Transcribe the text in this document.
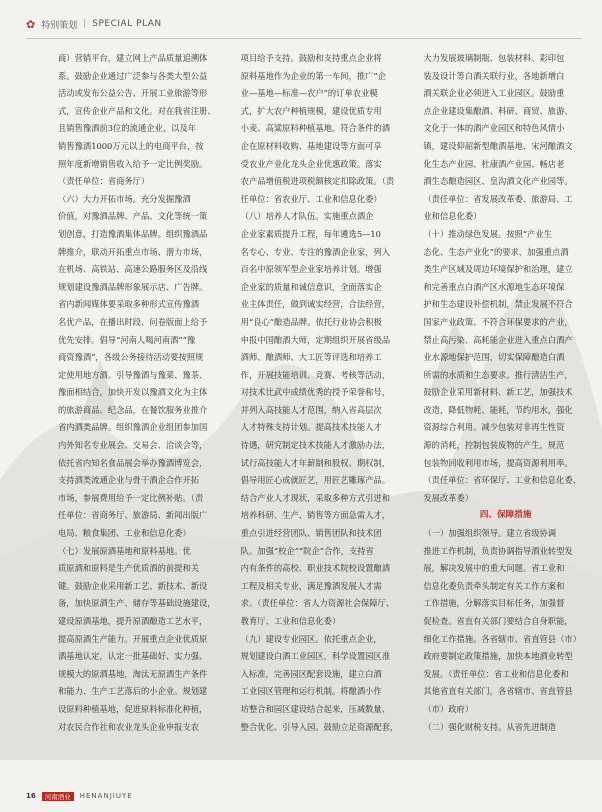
✿ 特别策划 | SPECIAL PLAN

商）营销平台，建立网上产品质量追溯体
系。鼓励企业通过广泛参与各类大型公益
活动或发布公益公告、开展工业旅游等形
式，宣传企业产品和文化。对在我省注册、
且销售豫酒前3位的流通企业，以及年
销售豫酒1000万元以上的电商平台，按
照年度新增销售收入给予一定比例奖励。
（责任单位：省商务厅）

（六）大力开拓市场。充分发掘豫酒
价值，对豫酒品牌、产品、文化等统一策
划创意，打造豫酒集体品牌。组织豫酒品
牌推介，联动开拓重点市场、潜力市场，
在机场、高铁站、高速公路服务区及沿线
规划建设豫酒品牌形象展示店、广告牌。
省内新闻媒体要采取多种形式宣传豫酒
名优产品，在播出时段、问卷版面上给予
优先安排。倡导“河南人喝河南酒”“豫
商资豫酒”，各级公务接待活动要按照规
定使用地方酒。引导豫酒与豫菜、豫茶、
豫面相结合，加快开发以豫酒文化为主体
的旅游商品、纪念品，在餐饮服务业推介
省内酒类品牌。组织豫酒企业组团参加国
内外知名专业展会、交易会、洽谈会等，
依托省内知名食品展会举办豫酒博览会，
支持酒类流通企业与骨干酒企合作开拓
市场，参展费用给予一定比例补贴。（责
任单位：省商务厅、旅游局、新闻出版广
电局、粮食集团、工业和信息化委）

（七）发展原酒基地和原料基地。优
质原酒和原料是生产优质酒的前提和关
键。鼓励企业采用新工艺、新技术、新设
备，加快原酒生产、储存等基础设施建设，
建设原酒基地，提升原酒酿造工艺水平，
提高原酒生产能力。开展重点企业优质原
酒基地认定，认定一批基础好、实力强、
规模大的原酒基地，淘汰无原酒生产条件
和能力、生产工艺落后的小企业。规划建
设原料种植基地，促进原料标准化种植，
对农民合作社和农业龙头企业申报支农

项目给予支持。鼓励和支持重点企业将
原料基地作为企业的第一车间，推广“企
业—基地—标准—农户”的订单农业模
式，扩大农户种植规模，建设优质专用
小麦、高粱原料种植基地。符合条件的酒
企在原材料收购、基地建设等方面可享
受农业产业化龙头企业优惠政策。落实
农产品增值税进项税额核定扣除政策。（责
任单位：省农业厅、工业和信息化委）

（八）培养人才队伍。实施重点酒企
企业家素质提升工程，每年遴选5—10
名专心、专业、专注的豫酒企业家，列入
百名中原领军型企业家培养计划。增强
企业家的质量和诚信意识，全面落实企
业主体责任，做到诚实经营，合法经营，
用“良心”酿造品牌。依托行业协会积极
申报中国酿酒大师，定期组织开展省级品
酒师、酿酒师、大工匠等评选和培养工
作，开展技能培训、竞赛、考核等活动，
对技术比武中成绩优秀的授予荣誉称号，
并列入高技能人才范围，纳入省高层次
人才特殊支持计划。提高技术技能人才
待遇，研究制定技术技能人才激励办法，
试行高技能人才年薪制和股权、期权制，
倡导用匠心成就匠艺，用匠艺雕琢产品。
结合产业人才现状，采取多种方式引进和
培养科研、生产、销售等方面急需人才，
重点引进经营团队、销售团队和技术团
队。加强“校企”“院企”合作，支持省
内有条件的高校、职业技术院校设置酿酒
工程及相关专业，满足豫酒发展人才需
求。（责任单位：省人力资源社会保障厅、
教育厅、工业和信息化委）

（九）建设专业园区。依托重点企业，
规划建设白酒工业园区，科学设置园区准
入标准，完善园区配套设施，建立白酒
工业园区管理和运行机制。将酿酒小作
坊整合和园区建设结合起来，压减数量、
整合优化、引导入园。鼓励立足资源配套，

大力发展玻璃制瓶、包装材料、彩印包
装及设计等白酒关联行业，各地新增白
酒关联企业必须进入工业园区。鼓励重
点企业建设集酿酒、科研、商贸、旅游、
文化于一体的酒产业园区和特色风情小
镇，建设仰韶新型酿酒基地、宋河酿酒文
化生态产业园、杜康酒产业园、畅店老
酒生态酿造园区、皇沟酒文化产业园等。
（责任单位：省发展改革委、旅游局、工
业和信息化委）

（十）推动绿色发展。按照“产业生
态化、生态产业化”的要求，加强重点酒
类生产区域及周边环境保护和治理，建立
和完善重点白酒产区水源地生态环境保
护和生态建设补偿机制，禁止发展不符合
国家产业政策、不符合环保要求的产业，
禁止高污染、高耗能企业进入重点白酒产
业水源地保护范围，切实保障酿造白酒
所需的水质和生态要求。推行清洁生产，
鼓励企业采用新材料、新工艺，加强技术
改造，降低物耗、能耗，节约用水，强化
资源综合利用。减少包装对非再生性资
源的消耗，控制包装废物的产生，规范
包装物回收利用市场，提高资源利用率。
（责任单位：省环保厅、工业和信息化委、
发展改革委）

四、保障措施

（一）加强组织领导。建立省级协调
推进工作机制，负责协调指导酒业转型发
展，解决发展中的重大问题。省工业和
信息化委负责牵头制定有关工作方案和
工作措施，分解落实目标任务，加强督
促检查。省直有关部门要结合自身职能，
细化工作措施。各省辖市、省直管县（市）
政府要制定政策措施，加快本地酒业转型
发展。（责任单位：省工业和信息化委和
其他省直有关部门，各省辖市、省直管县
（市）政府）

（二）强化财税支持。从省先进制造

16	河南酒业	HENANJIUYE
